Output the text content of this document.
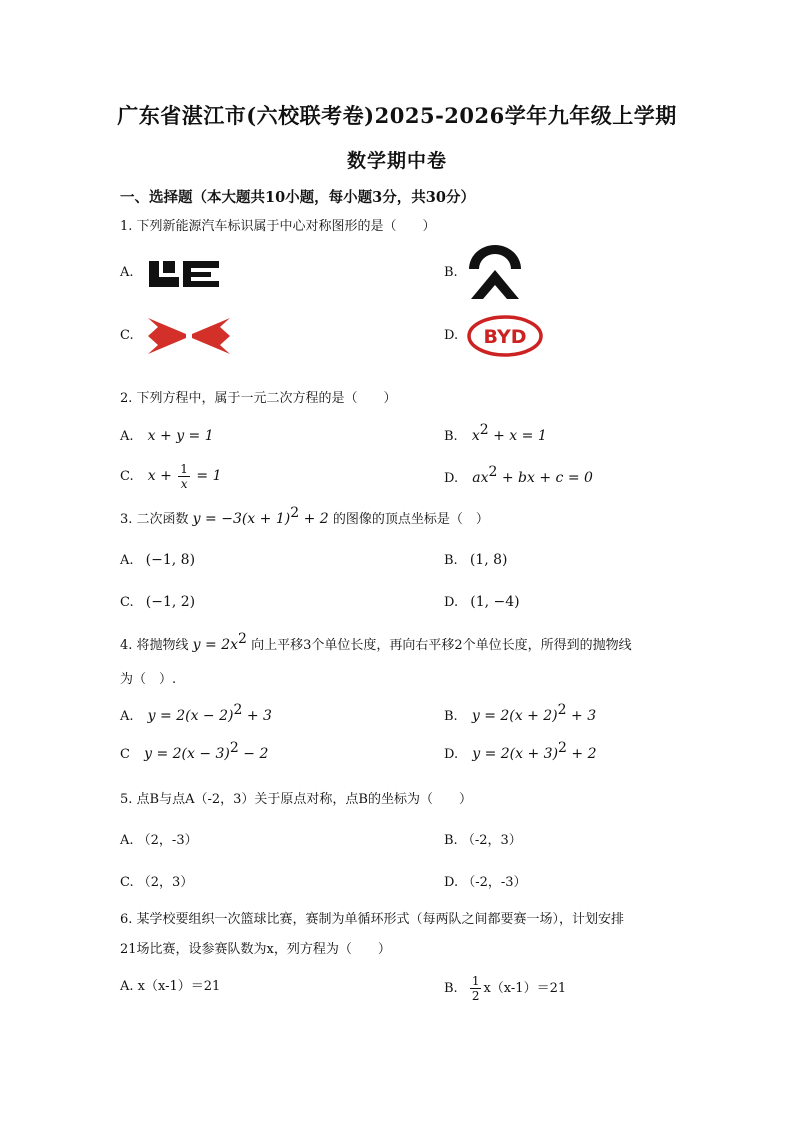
广东省湛江市(六校联考卷)2025-2026学年九年级上学期
数学期中卷
一、选择题（本大题共10小题，每小题3分，共30分）
1. 下列新能源汽车标识属于中心对称图形的是（　　）
A.	B.
C.	D. BYD
2. 下列方程中，属于一元二次方程的是（　　）
A. x + y = 1	B. $x^2 + x = 1$
C. $x + \frac{1}{x} = 1$	D. $ax^2$ + bx + c = 0
3. 二次函数 $y = -3(x + 1)^2 + 2$ 的图像的顶点坐标是（　）
A. (−1, 8)	B. (1, 8)
C. (−1, 2)	D. (1, −4)
4. 将抛物线 $y = 2x^2$ 向上平移3个单位长度，再向右平移2个单位长度，所得到的抛物线
为（　）.
A. $y = 2(x - 2)^2 + 3$	B. $y = 2(x + 2)^2 + 3$
C $y = 2(x - 3)^2 - 2$	D. $y = 2(x + 3)^2 + 2$
5. 点B与点A（-2，3）关于原点对称，点B的坐标为（　　）
A. （2，-3）	B. （-2，3）
C. （2，3）	D. （-2，-3）
6. 某学校要组织一次篮球比赛，赛制为单循环形式（每两队之间都要赛一场），计划安排
21场比赛，设参赛队数为x，列方程为（　　）
A. x（x-1）＝21	B. $\frac{1}{2} x(x-1)=21$
